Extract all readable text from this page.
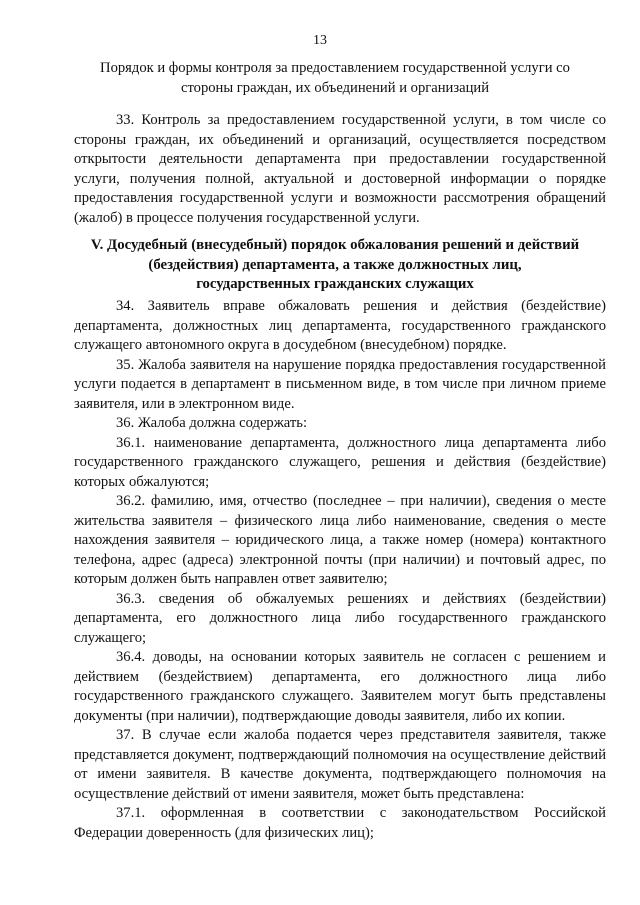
13
Порядок и формы контроля за предоставлением государственной услуги со стороны граждан, их объединений и организаций

33. Контроль за предоставлением государственной услуги, в том числе со стороны граждан, их объединений и организаций, осуществляется посредством открытости деятельности департамента при предоставлении государственной услуги, получения полной, актуальной и достоверной информации о порядке предоставления государственной услуги и возможности рассмотрения обращений (жалоб) в процессе получения государственной услуги.

V. Досудебный (внесудебный) порядок обжалования решений и действий (бездействия) департамента, а также должностных лиц, государственных гражданских служащих

34. Заявитель вправе обжаловать решения и действия (бездействие) департамента, должностных лиц департамента, государственного гражданского служащего автономного округа в досудебном (внесудебном) порядке.

35. Жалоба заявителя на нарушение порядка предоставления государственной услуги подается в департамент в письменном виде, в том числе при личном приеме заявителя, или в электронном виде.

36. Жалоба должна содержать:

36.1. наименование департамента, должностного лица департамента либо государственного гражданского служащего, решения и действия (бездействие) которых обжалуются;

36.2. фамилию, имя, отчество (последнее – при наличии), сведения о месте жительства заявителя – физического лица либо наименование, сведения о месте нахождения заявителя – юридического лица, а также номер (номера) контактного телефона, адрес (адреса) электронной почты (при наличии) и почтовый адрес, по которым должен быть направлен ответ заявителю;

36.3. сведения об обжалуемых решениях и действиях (бездействии) департамента, его должностного лица либо государственного гражданского служащего;

36.4. доводы, на основании которых заявитель не согласен с решением и действием (бездействием) департамента, его должностного лица либо государственного гражданского служащего. Заявителем могут быть представлены документы (при наличии), подтверждающие доводы заявителя, либо их копии.

37. В случае если жалоба подается через представителя заявителя, также представляется документ, подтверждающий полномочия на осуществление действий от имени заявителя. В качестве документа, подтверждающего полномочия на осуществление действий от имени заявителя, может быть представлена:

37.1. оформленная в соответствии с законодательством Российской Федерации доверенность (для физических лиц);
